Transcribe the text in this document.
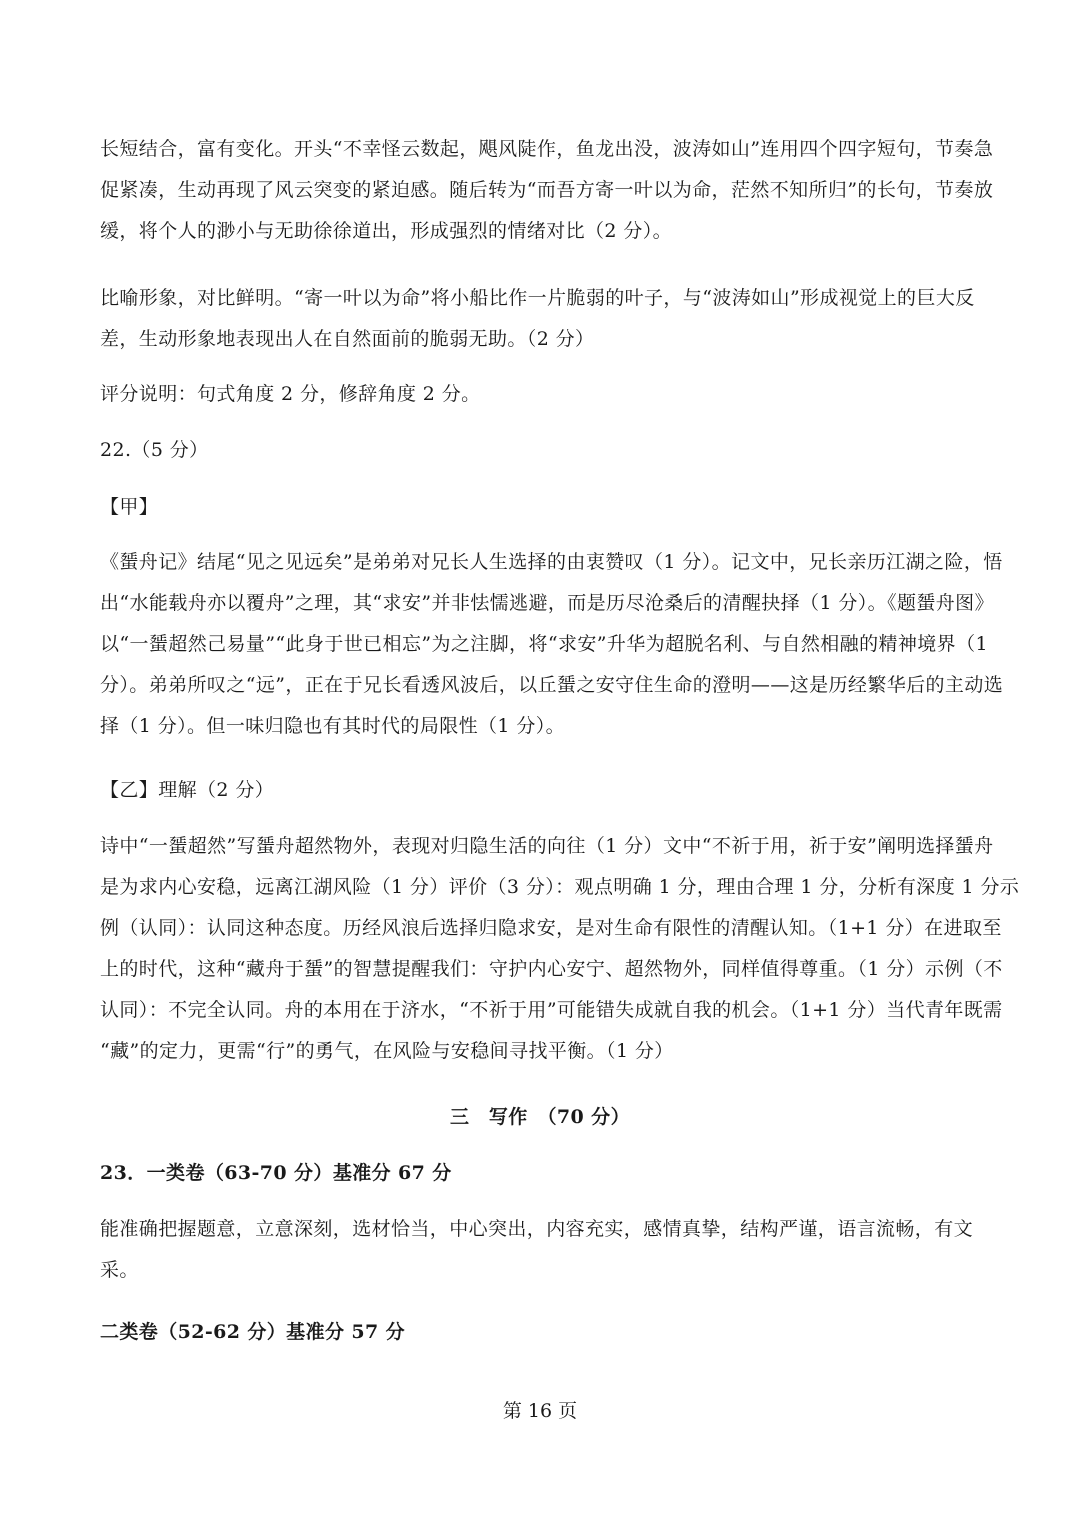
长短结合，富有变化。开头“不幸怪云数起，飓风陡作，鱼龙出没，波涛如山”连用四个四字短句，节奏急
促紧凑，生动再现了风云突变的紧迫感。随后转为“而吾方寄一叶以为命，茫然不知所归”的长句，节奏放
缓，将个人的渺小与无助徐徐道出，形成强烈的情绪对比（2 分）。
比喻形象，对比鲜明。“寄一叶以为命”将小船比作一片脆弱的叶子，与“波涛如山”形成视觉上的巨大反
差，生动形象地表现出人在自然面前的脆弱无助。（2 分）
评分说明：句式角度 2 分，修辞角度 2 分。
22.（5 分）
【甲】
《蜑舟记》结尾“见之见远矣”是弟弟对兄长人生选择的由衷赞叹（1 分）。记文中，兄长亲历江湖之险，悟
出“水能载舟亦以覆舟”之理，其“求安”并非怯懦逃避，而是历尽沧桑后的清醒抉择（1 分）。《题蜑舟图》
以“一蜑超然己易量”“此身于世已相忘”为之注脚，将“求安”升华为超脱名利、与自然相融的精神境界（1
分）。弟弟所叹之“远”，正在于兄长看透风波后，以丘蜑之安守住生命的澄明——这是历经繁华后的主动选
择（1 分）。但一味归隐也有其时代的局限性（1 分）。
【乙】理解（2 分）
诗中“一蜑超然”写蜑舟超然物外，表现对归隐生活的向往（1 分）文中“不祈于用，祈于安”阐明选择蜑舟
是为求内心安稳，远离江湖风险（1 分）评价（3 分）：观点明确 1 分，理由合理 1 分，分析有深度 1 分示
例（认同）：认同这种态度。历经风浪后选择归隐求安，是对生命有限性的清醒认知。（1+1 分）在进取至
上的时代，这种“藏舟于蜑”的智慧提醒我们：守护内心安宁、超然物外，同样值得尊重。（1 分）示例（不
认同）：不完全认同。舟的本用在于济水，“不祈于用”可能错失成就自我的机会。（1+1 分）当代青年既需
“藏”的定力，更需“行”的勇气，在风险与安稳间寻找平衡。（1 分）
三　写作　（70 分）
23．一类卷（63-70 分）基准分 67 分
能准确把握题意，立意深刻，选材恰当，中心突出，内容充实，感情真挚，结构严谨，语言流畅，有文
采。
二类卷（52-62 分）基准分 57 分
第 16 页
